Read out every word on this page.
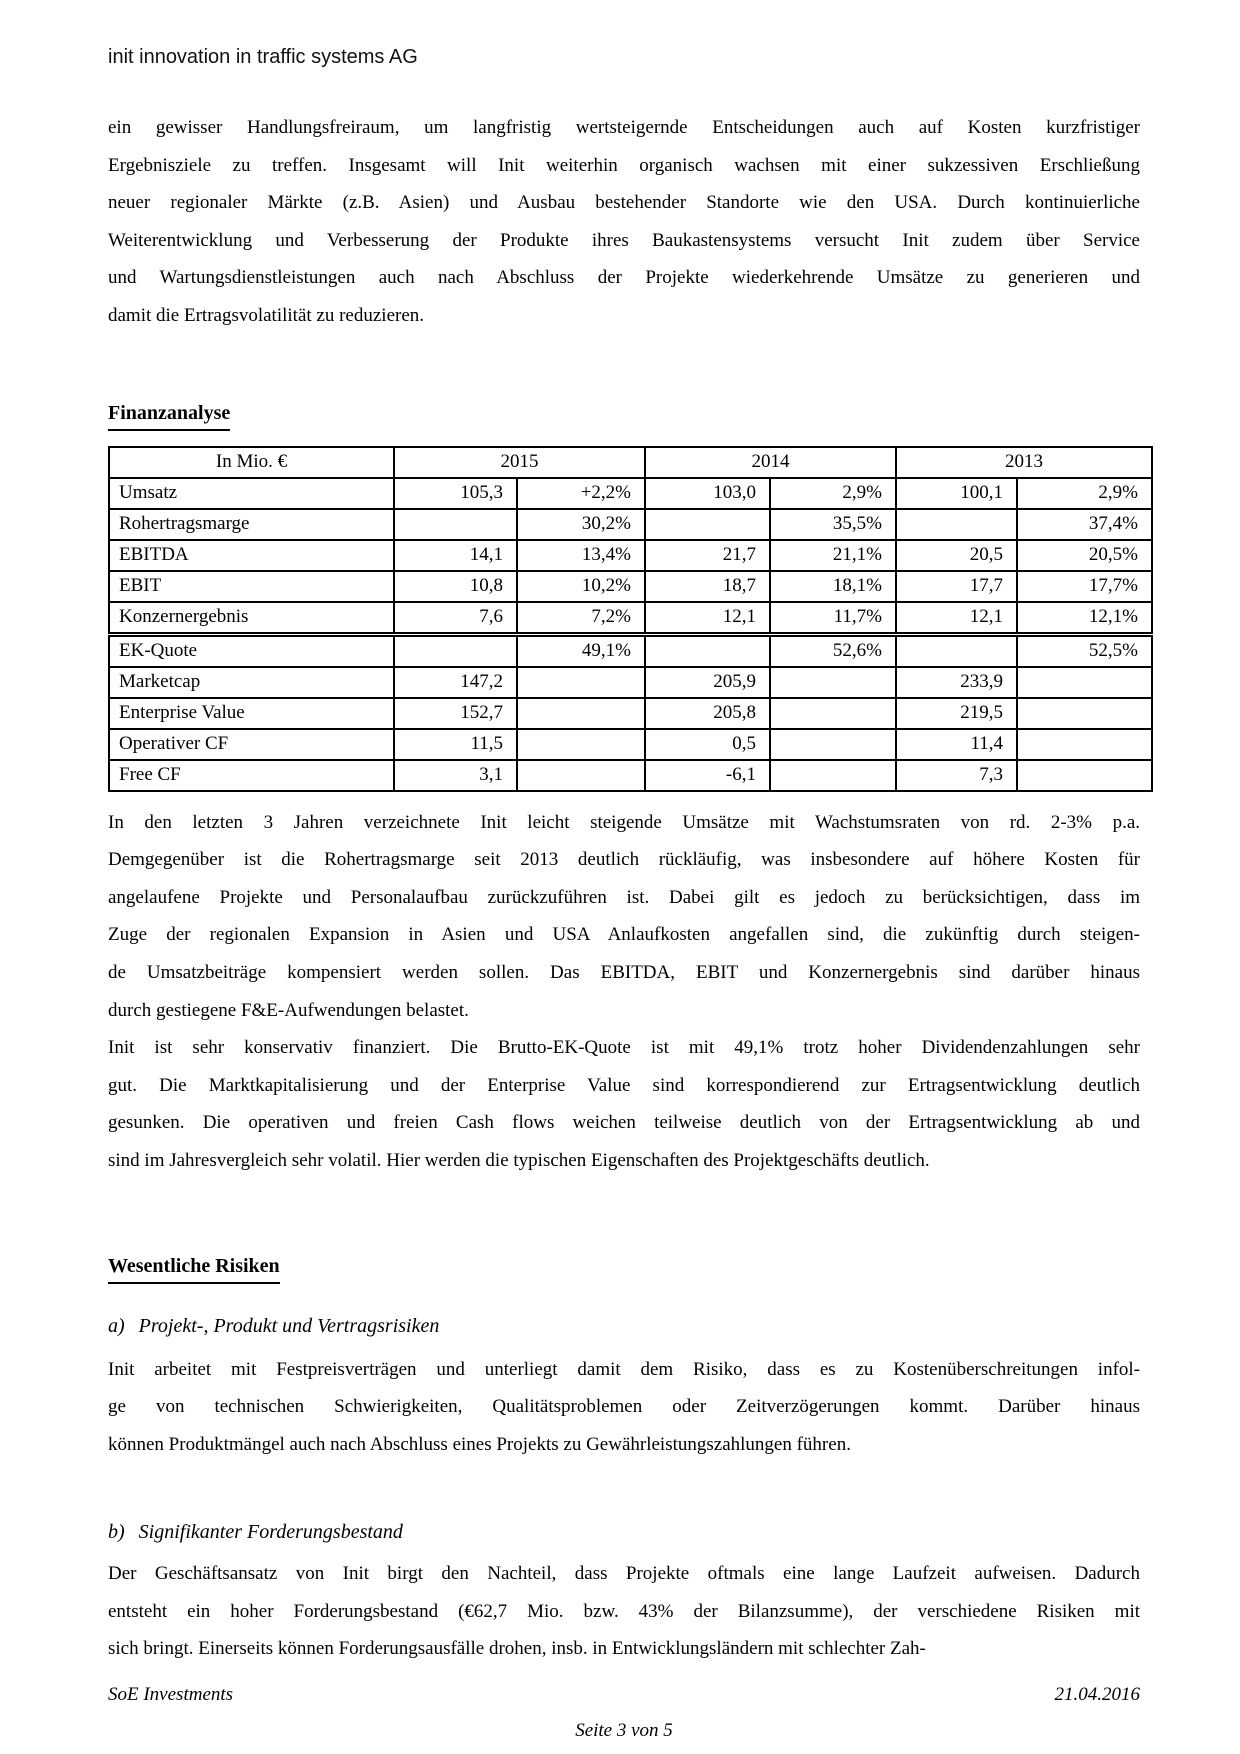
init innovation in traffic systems AG
ein gewisser Handlungsfreiraum, um langfristig wertsteigernde Entscheidungen auch auf Kosten kurzfristiger
Ergebnisziele zu treffen. Insgesamt will Init weiterhin organisch wachsen mit einer sukzessiven Erschließung
neuer regionaler Märkte (z.B. Asien) und Ausbau bestehender Standorte wie den USA. Durch kontinuierliche
Weiterentwicklung und Verbesserung der Produkte ihres Baukastensystems versucht Init zudem über Service
und Wartungsdienstleistungen auch nach Abschluss der Projekte wiederkehrende Umsätze zu generieren und
damit die Ertragsvolatilität zu reduzieren.
Finanzanalyse
In Mio. €	2015		2014		2013	
Umsatz	105,3	+2,2%	103,0	2,9%	100,1	2,9%
Rohertragsmarge		30,2%		35,5%		37,4%
EBITDA	14,1	13,4%	21,7	21,1%	20,5	20,5%
EBIT	10,8	10,2%	18,7	18,1%	17,7	17,7%
Konzernergebnis	7,6	7,2%	12,1	11,7%	12,1	12,1%
EK-Quote		49,1%		52,6%		52,5%
Marketcap	147,2		205,9		233,9	
Enterprise Value	152,7		205,8		219,5	
Operativer CF	11,5		0,5		11,4	
Free CF	3,1		-6,1		7,3	
In den letzten 3 Jahren verzeichnete Init leicht steigende Umsätze mit Wachstumsraten von rd. 2-3% p.a.
Demgegenüber ist die Rohertragsmarge seit 2013 deutlich rückläufig, was insbesondere auf höhere Kosten für
angelaufene Projekte und Personalaufbau zurückzuführen ist. Dabei gilt es jedoch zu berücksichtigen, dass im
Zuge der regionalen Expansion in Asien und USA Anlaufkosten angefallen sind, die zukünftig durch steigen-
de Umsatzbeiträge kompensiert werden sollen. Das EBITDA, EBIT und Konzernergebnis sind darüber hinaus
durch gestiegene F&E-Aufwendungen belastet.
Init ist sehr konservativ finanziert. Die Brutto-EK-Quote ist mit 49,1% trotz hoher Dividendenzahlungen sehr
gut. Die Marktkapitalisierung und der Enterprise Value sind korrespondierend zur Ertragsentwicklung deutlich
gesunken. Die operativen und freien Cash flows weichen teilweise deutlich von der Ertragsentwicklung ab und
sind im Jahresvergleich sehr volatil. Hier werden die typischen Eigenschaften des Projektgeschäfts deutlich.
Wesentliche Risiken
a) Projekt-, Produkt und Vertragsrisiken
Init arbeitet mit Festpreisverträgen und unterliegt damit dem Risiko, dass es zu Kostenüberschreitungen infol-
ge von technischen Schwierigkeiten, Qualitätsproblemen oder Zeitverzögerungen kommt. Darüber hinaus
können Produktmängel auch nach Abschluss eines Projekts zu Gewährleistungszahlungen führen.
b) Signifikanter Forderungsbestand
Der Geschäftsansatz von Init birgt den Nachteil, dass Projekte oftmals eine lange Laufzeit aufweisen. Dadurch
entsteht ein hoher Forderungsbestand (€62,7 Mio. bzw. 43% der Bilanzsumme), der verschiedene Risiken mit
sich bringt. Einerseits können Forderungsausfälle drohen, insb. in Entwicklungsländern mit schlechter Zah-
SoE Investments	21.04.2016
Seite 3 von 5
